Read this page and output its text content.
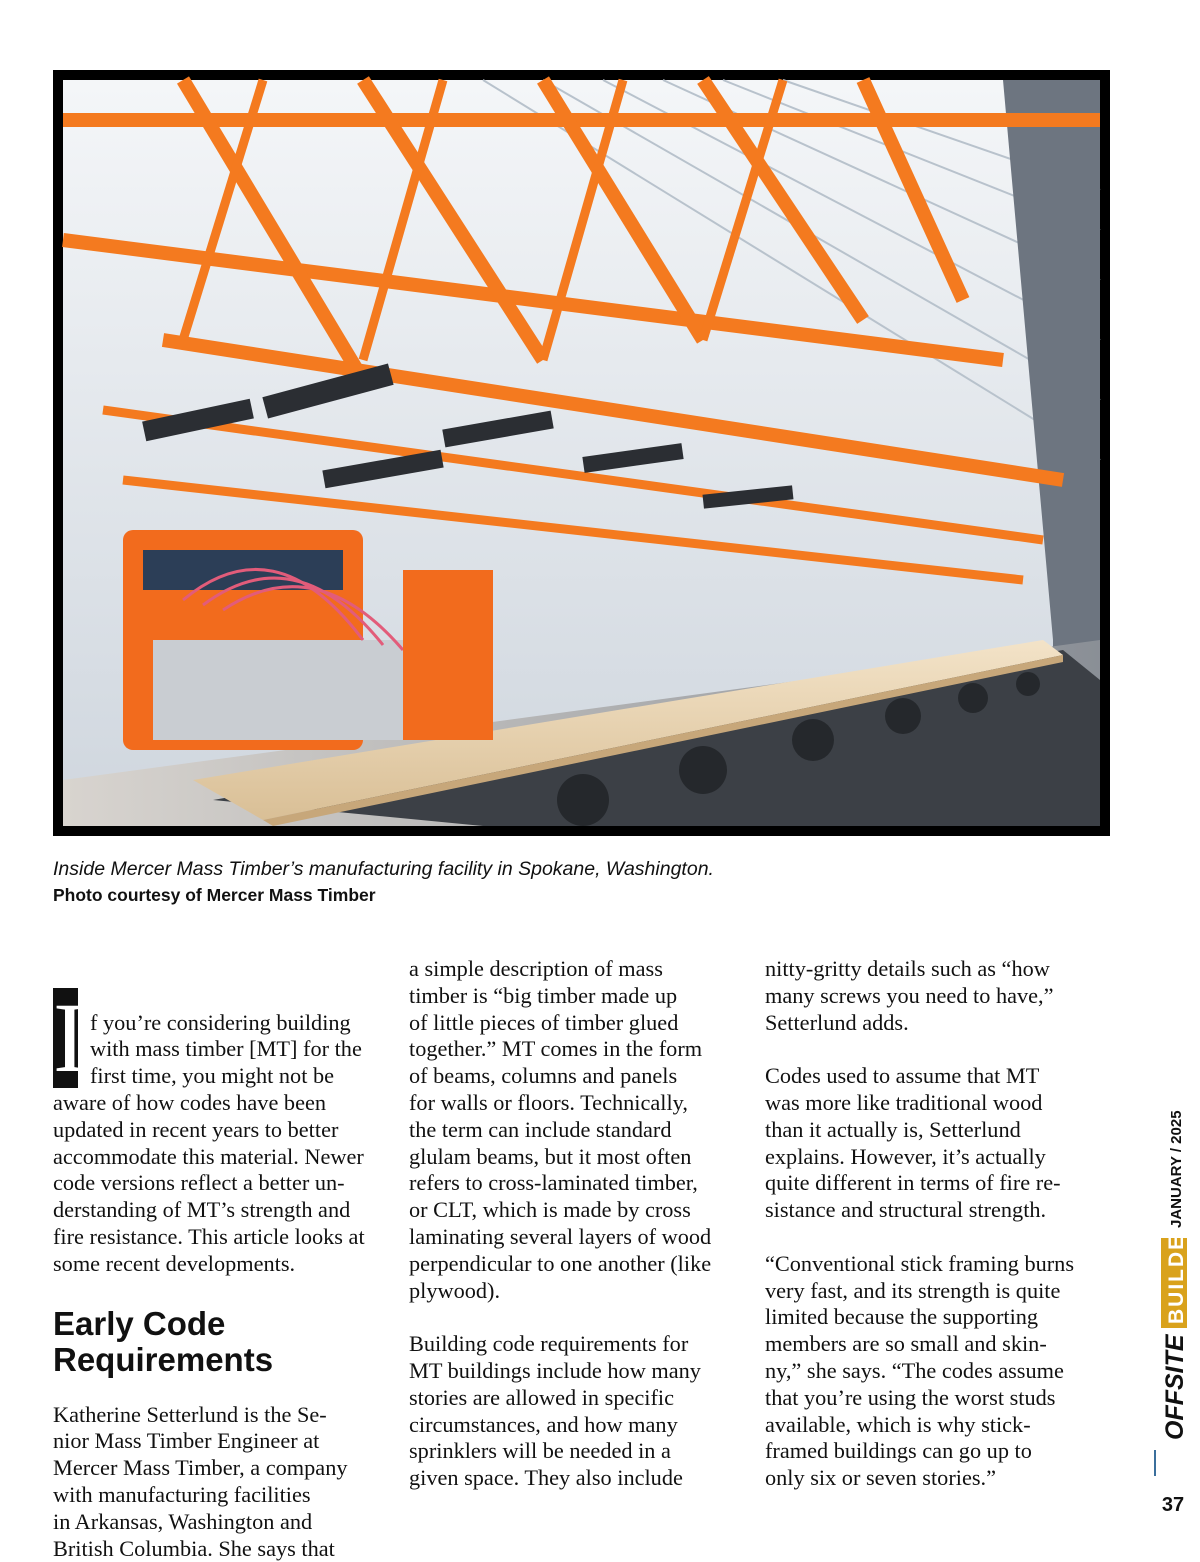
Inside Mercer Mass Timber’s manufacturing facility in Spokane, Washington.
Photo courtesy of Mercer Mass Timber

I f you’re considering building
with mass timber [MT] for the
first time, you might not be
aware of how codes have been
updated in recent years to better
accommodate this material. Newer
code versions reflect a better un-
derstanding of MT’s strength and
fire resistance. This article looks at
some recent developments.

Early Code
Requirements

Katherine Setterlund is the Se-
nior Mass Timber Engineer at
Mercer Mass Timber, a company
with manufacturing facilities
in Arkansas, Washington and
British Columbia. She says that

a simple description of mass
timber is “big timber made up
of little pieces of timber glued
together.” MT comes in the form
of beams, columns and panels
for walls or floors. Technically,
the term can include standard
glulam beams, but it most often
refers to cross-laminated timber,
or CLT, which is made by cross
laminating several layers of wood
perpendicular to one another (like
plywood).

Building code requirements for
MT buildings include how many
stories are allowed in specific
circumstances, and how many
sprinklers will be needed in a
given space. They also include

nitty-gritty details such as “how
many screws you need to have,”
Setterlund adds.

Codes used to assume that MT
was more like traditional wood
than it actually is, Setterlund
explains. However, it’s actually
quite different in terms of fire re-
sistance and structural strength.

“Conventional stick framing burns
very fast, and its strength is quite
limited because the supporting
members are so small and skin-
ny,” she says. “The codes assume
that you’re using the worst studs
available, which is why stick-
framed buildings can go up to
only six or seven stories.”

OFFSITE
BUILDER
JANUARY / 2025
37
